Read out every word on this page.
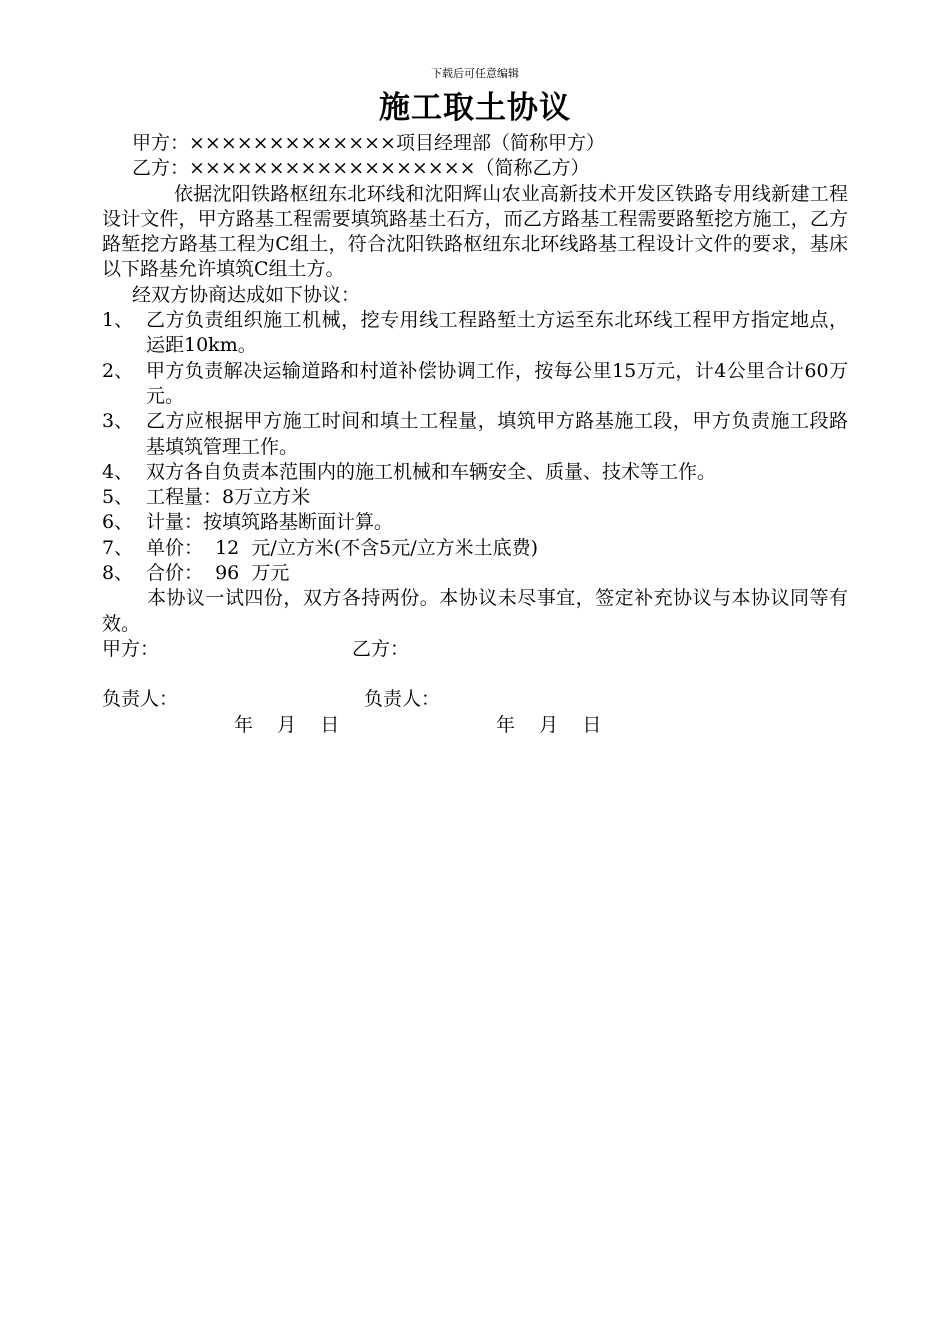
下载后可任意编辑
施工取土协议
甲方：×××××××××××××项目经理部（简称甲方）
乙方：××××××××××××××××××（简称乙方）
依据沈阳铁路枢纽东北环线和沈阳辉山农业高新技术开发区铁路专用线新建工程设计文件，甲方路基工程需要填筑路基土石方，而乙方路基工程需要路堑挖方施工，乙方路堑挖方路基工程为C组土，符合沈阳铁路枢纽东北环线路基工程设计文件的要求，基床以下路基允许填筑C组土方。
经双方协商达成如下协议：
1、 乙方负责组织施工机械，挖专用线工程路堑土方运至东北环线工程甲方指定地点，运距10km。
2、 甲方负责解决运输道路和村道补偿协调工作，按每公里15万元，计4公里合计60万元。
3、 乙方应根据甲方施工时间和填土工程量，填筑甲方路基施工段，甲方负责施工段路基填筑管理工作。
4、 双方各自负责本范围内的施工机械和车辆安全、质量、技术等工作。
5、 工程量：8万立方米
6、 计量：按填筑路基断面计算。
7、 单价：  12  元/立方米(不含5元/立方米土底费)
8、 合价：  96  万元
本协议一试四份，双方各持两份。本协议未尽事宜，签定补充协议与本协议同等有效。
甲方：	乙方：
负责人：	负责人：
年    月    日	年    月    日
